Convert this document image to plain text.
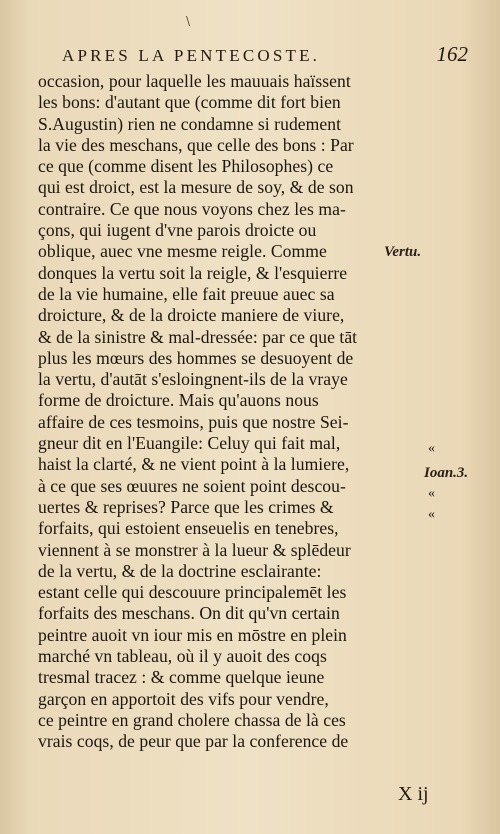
\
APRES LA PENTECOSTE.	162
occasion, pour laquelle les mauuais haïssent
les bons: d'autant que (comme dit fort bien
S.Augustin) rien ne condamne si rudement
la vie des meschans, que celle des bons : Par
ce que (comme disent les Philosophes) ce
qui est droict, est la mesure de soy, & de son
contraire. Ce que nous voyons chez les ma-
çons, qui iugent d'vne parois droicte ou
oblique, auec vne mesme reigle. Comme
donques la vertu soit la reigle, & l'esquierre
de la vie humaine, elle fait preuue auec sa
droicture, & de la droicte maniere de viure,
& de la sinistre & mal-dressée: par ce que tāt
plus les mœurs des hommes se desuoyent de
la vertu, d'autāt s'esloingnent-ils de la vraye
forme de droicture. Mais qu'auons nous
affaire de ces tesmoins, puis que nostre Sei-
gneur dit en l'Euangile: Celuy qui fait mal,
haist la clarté, & ne vient point à la lumiere,
à ce que ses œuures ne soient point descou-
uertes & reprises? Parce que les crimes &
forfaits, qui estoient enseuelis en tenebres,
viennent à se monstrer à la lueur & splēdeur
de la vertu, & de la doctrine esclairante:
estant celle qui descouure principalemēt les
forfaits des meschans. On dit qu'vn certain
peintre auoit vn iour mis en mōstre en plein
marché vn tableau, où il y auoit des coqs
tresmal tracez : & comme quelque ieune
garçon en apportoit des vifs pour vendre,
ce peintre en grand cholere chassa de là ces
vrais coqs, de peur que par la conference de
Vertu.
Ioan.3.
«
«
«
X ij
